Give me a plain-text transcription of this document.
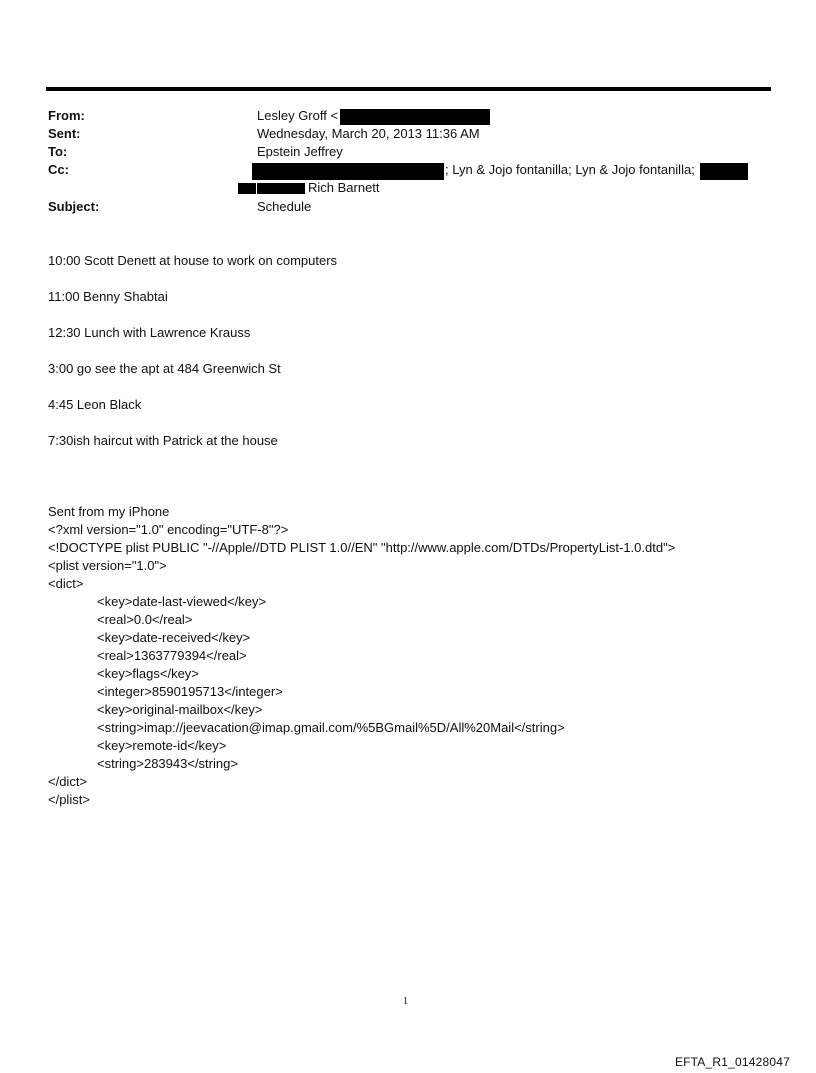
From:	Lesley Groff <
Sent:	Wednesday, March 20, 2013 11:36 AM
To:	Epstein Jeffrey
Cc:	; Lyn & Jojo fontanilla; Lyn & Jojo fontanilla;
Rich Barnett
Subject:	Schedule
10:00 Scott Denett at house to work on computers
11:00 Benny Shabtai
12:30 Lunch with Lawrence Krauss
3:00 go see the apt at 484 Greenwich St
4:45 Leon Black
7:30ish haircut with Patrick at the house
Sent from my iPhone
<?xml version="1.0" encoding="UTF-8"?>
<!DOCTYPE plist PUBLIC "-//Apple//DTD PLIST 1.0//EN" "http://www.apple.com/DTDs/PropertyList-1.0.dtd">
<plist version="1.0">
<dict>
<key>date-last-viewed</key>
<real>0.0</real>
<key>date-received</key>
<real>1363779394</real>
<key>flags</key>
<integer>8590195713</integer>
<key>original-mailbox</key>
<string>imap://jeevacation@imap.gmail.com/%5BGmail%5D/All%20Mail</string>
<key>remote-id</key>
<string>283943</string>
</dict>
</plist>
1
EFTA_R1_01428047
